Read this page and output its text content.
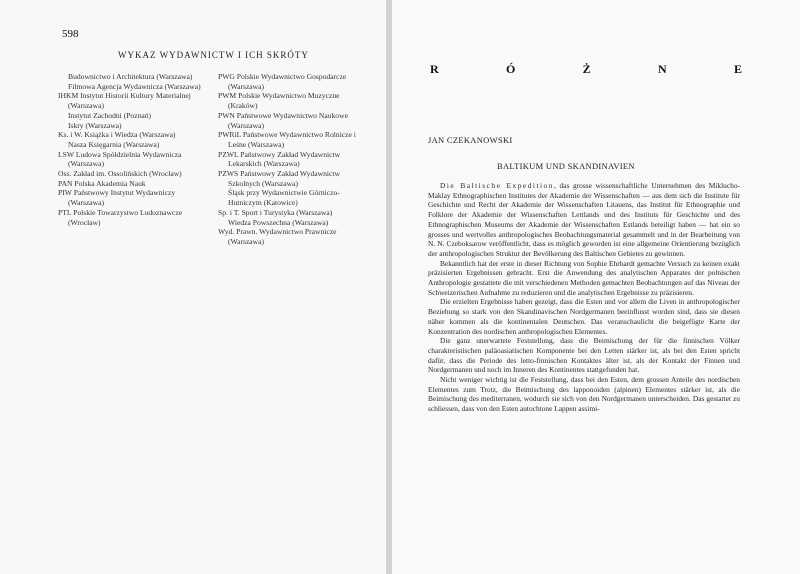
598
WYKAZ WYDAWNICTW I ICH SKRÓTY

Budownictwo i Architektura (Warszawa)

Filmowa Agencja Wydawnicza (Warszawa)

IHKM Instytut Historii Kultury Materialnej (Warszawa)

Instytut Zachodni (Poznań)

Iskry (Warszawa)

Ks. i W. Książka i Wiedza (Warszawa)

Nasza Księgarnia (Warszawa)

LSW Ludowa Spółdzielnia Wydawnicza (Warszawa)

Oss. Zakład im. Ossolińskich (Wrocław)

PAN Polska Akademia Nauk

PIW Państwowy Instytut Wydawniczy (Warszawa)

PTL Polskie Towarzystwo Ludoznawcze (Wrocław)

PWG Polskie Wydawnictwo Gospodarcze (Warszawa)

PWM Polskie Wydawnictwo Muzyczne (Kraków)

PWN Państwowe Wydawnictwo Naukowe (Warszawa)

PWRiL Państwowe Wydawnictwo Rolnicze i Leśne (Warszawa)

PZWL Państwowy Zakład Wydawnictw Lekarskich (Warszawa)

PZWS Państwowy Zakład Wydawnictw Szkolnych (Warszawa)

Śląsk przy Wydawnictwie Górniczo-Hutniczym (Katowice)

Sp. i T. Sport i Turystyka (Warszawa)

Wiedza Powszechna (Warszawa)

Wyd. Prawn. Wydawnictwo Prawnicze (Warszawa)

R	Ó	Ż	N	E
JAN CZEKANOWSKI
BALTIKUM UND SKANDINAVIEN

Die Baltische Expedition, das grosse wissenschaftliche Unternehmen des Miklucho-Maklay Ethnographischen Institutes der Akademie der Wissenschaften — aus dem sich die Institute für Geschichte und Recht der Akademie der Wissenschaften Litauens, das Institut für Ethnographie und Folklore der Akademie der Wissenschaften Lettlands und des Instituts für Geschichte und des Ethnographischen Museums der Akademie der Wissenschaften Estlands beteiligt haben — hat ein so grosses und wertvolles anthropologisches Beobachtungsmaterial gesammelt und in der Bearbeitung von N. N. Czeboksarow veröffentlicht, dass es möglich geworden ist eine allgemeine Orientierung bezüglich der anthropologischen Struktur der Bevölkerung des Baltischen Gebietes zu gewinnen.

Bekanntlich hat der erste in dieser Richtung von Sophie Ehrhardt gemachte Versuch zu keinen exakt präzisierten Ergebnissen gebracht. Erst die Anwendung des analytischen Apparates der polnischen Anthropologie gestattete die mit verschiedenen Methoden gemachten Beobachtungen auf das Niveau der Schweizerischen Aufnahme zu reduzieren und die analytischen Ergebnisse zu präzisieren.

Die erzielten Ergebnisse haben gezeigt, dass die Esten und vor allem die Liven in anthropologischer Beziehung so stark von den Skandinavischen Nordgermanen beeinflusst worden sind, dass sie diesen näher kommen als die kontinentalen Deutschen. Das veranschaulicht die beigefügte Karte der Konzentration des nordischen anthropologischen Elementes.

Die ganz unerwartete Feststellung, dass die Beimischung der für die finnischen Völker charakteristischen paläoasiatischen Komponente bei den Letten stärker ist, als bei den Esten spricht dafür, dass die Periode des letto-finnischen Kontaktes älter ist, als der Kontakt der Finnen und Nordgermanen und noch im Inneren des Kontinentes stattgefunden hat.

Nicht weniger wichtig ist die Feststellung, dass bei den Esten, dem grossen Anteile des nordischen Elementes zum Trotz, die Beimischung des lapponoiden (alpinen) Elementes stärker ist, als die Beimischung des mediterranen, wodurch sie sich von den Nordgermanen unterscheiden. Das gestattet zu schliessen, dass von den Esten autochtone Lappen assimi-
